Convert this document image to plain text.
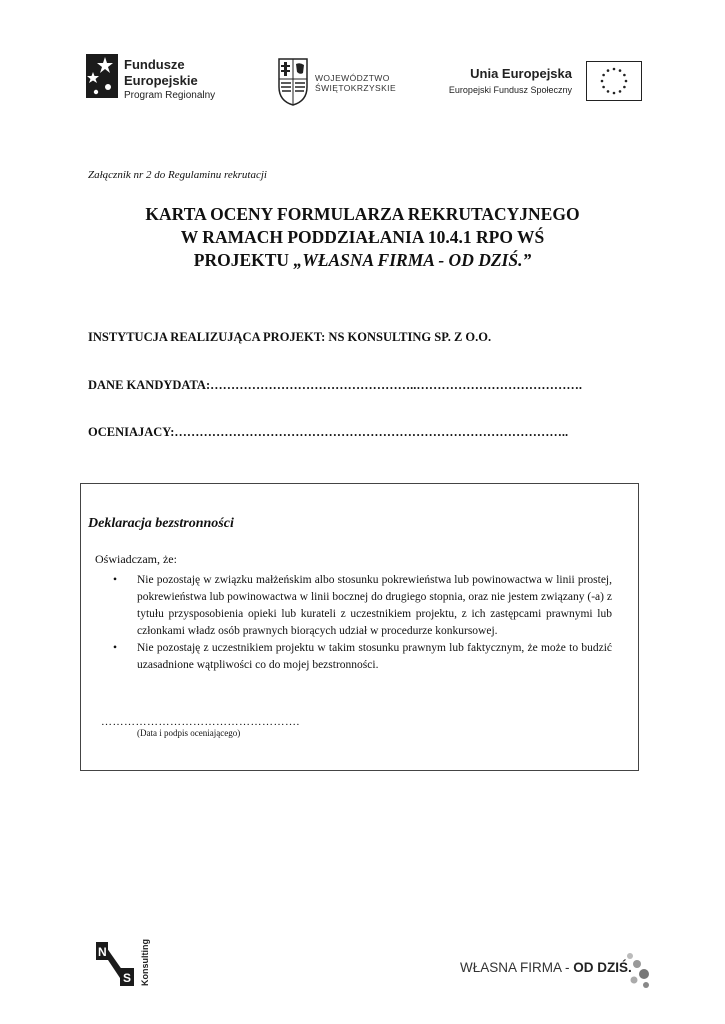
Fundusze
Europejskie
Program Regionalny
WOJEWÓDZTWO
ŚWIĘTOKRZYSKIE
Unia Europejska
Europejski Fundusz Społeczny
Załącznik nr 2 do Regulaminu rekrutacji
KARTA OCENY FORMULARZA REKRUTACYJNEGO
W RAMACH PODDZIAŁANIA 10.4.1 RPO WŚ
PROJEKTU „WŁASNA FIRMA - OD DZIŚ.”
INSTYTUCJA REALIZUJĄCA PROJEKT: NS KONSULTING SP. Z O.O.
DANE KANDYDATA:…………………………………………..………………………………….
OCENIAJACY:…………………………………………………………………………………..
Deklaracja bezstronności
Oświadczam, że:
• Nie pozostaję w związku małżeńskim albo stosunku pokrewieństwa lub powinowactwa w linii prostej, pokrewieństwa lub powinowactwa w linii bocznej do drugiego stopnia, oraz nie jestem związany (-a) z tytułu przysposobienia opieki lub kurateli z uczestnikiem projektu, z ich zastępcami prawnymi lub członkami władz osób prawnych biorących udział w procedurze konkursowej.
• Nie pozostaję z uczestnikiem projektu w takim stosunku prawnym lub faktycznym, że może to budzić uzasadnione wątpliwości co do mojej bezstronności.
…………………………………………….
(Data i podpis oceniającego)
N
S Konsulting	WŁASNA FIRMA - OD DZIŚ.
